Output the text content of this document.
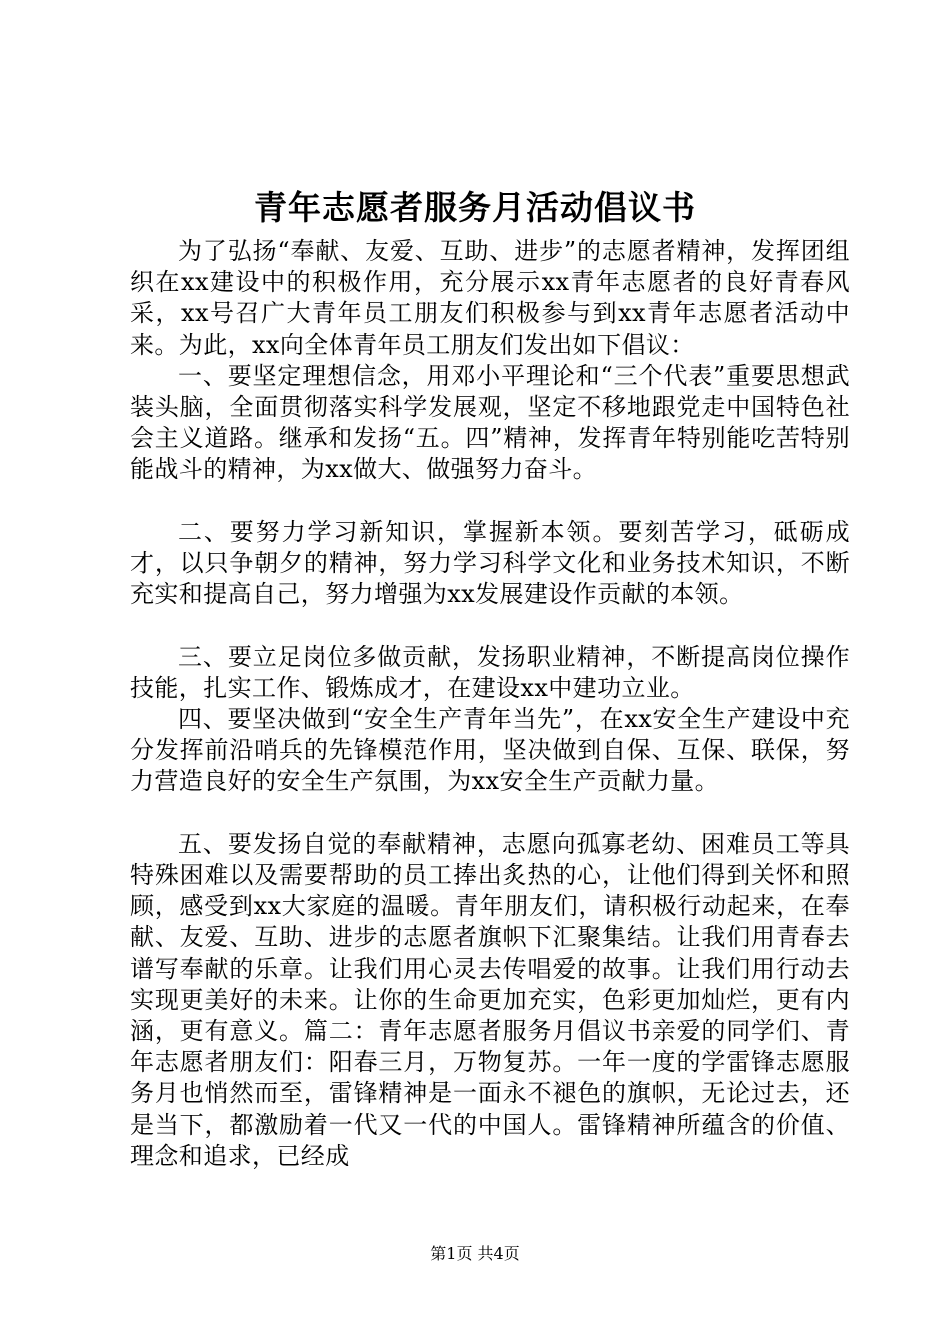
青年志愿者服务月活动倡议书

为了弘扬“奉献、友爱、互助、进步”的志愿者精神，发挥团组织在xx建设中的积极作用，充分展示xx青年志愿者的良好青春风采，xx号召广大青年员工朋友们积极参与到xx青年志愿者活动中来。为此，xx向全体青年员工朋友们发出如下倡议：

一、要坚定理想信念，用邓小平理论和“三个代表”重要思想武装头脑，全面贯彻落实科学发展观，坚定不移地跟党走中国特色社会主义道路。继承和发扬“五。四”精神，发挥青年特别能吃苦特别能战斗的精神，为xx做大、做强努力奋斗。

二、要努力学习新知识，掌握新本领。要刻苦学习，砥砺成才，以只争朝夕的精神，努力学习科学文化和业务技术知识，不断充实和提高自己，努力增强为xx发展建设作贡献的本领。

三、要立足岗位多做贡献，发扬职业精神，不断提高岗位操作技能，扎实工作、锻炼成才，在建设xx中建功立业。

四、要坚决做到“安全生产青年当先”，在xx安全生产建设中充分发挥前沿哨兵的先锋模范作用，坚决做到自保、互保、联保，努力营造良好的安全生产氛围，为xx安全生产贡献力量。

五、要发扬自觉的奉献精神，志愿向孤寡老幼、困难员工等具特殊困难以及需要帮助的员工捧出炙热的心，让他们得到关怀和照顾，感受到xx大家庭的温暖。青年朋友们，请积极行动起来，在奉献、友爱、互助、进步的志愿者旗帜下汇聚集结。让我们用青春去谱写奉献的乐章。让我们用心灵去传唱爱的故事。让我们用行动去实现更美好的未来。让你的生命更加充实，色彩更加灿烂，更有内涵，更有意义。篇二：青年志愿者服务月倡议书亲爱的同学们、青年志愿者朋友们：阳春三月，万物复苏。一年一度的学雷锋志愿服务月也悄然而至，雷锋精神是一面永不褪色的旗帜，无论过去，还是当下，都激励着一代又一代的中国人。雷锋精神所蕴含的价值、理念和追求，已经成

第1页 共4页
